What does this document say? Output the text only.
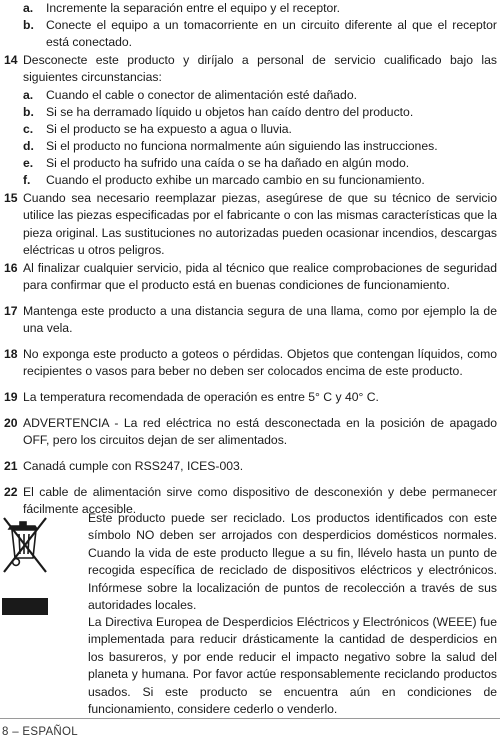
a. Incremente la separación entre el equipo y el receptor.
b. Conecte el equipo a un tomacorriente en un circuito diferente al que el receptor está conectado.
14 Desconecte este producto y diríjalo a personal de servicio cualificado bajo las siguientes circunstancias:
a. Cuando el cable o conector de alimentación esté dañado.
b. Si se ha derramado líquido u objetos han caído dentro del producto.
c. Si el producto se ha expuesto a agua o lluvia.
d. Si el producto no funciona normalmente aún siguiendo las instrucciones.
e. Si el producto ha sufrido una caída o se ha dañado en algún modo.
f. Cuando el producto exhibe un marcado cambio en su funcionamiento.
15 Cuando sea necesario reemplazar piezas, asegúrese de que su técnico de servicio utilice las piezas especificadas por el fabricante o con las mismas características que la pieza original. Las sustituciones no autorizadas pueden ocasionar incendios, descargas eléctricas u otros peligros.
16 Al finalizar cualquier servicio, pida al técnico que realice comprobaciones de seguridad para confirmar que el producto está en buenas condiciones de funcionamiento.
17 Mantenga este producto a una distancia segura de una llama, como por ejemplo la de una vela.
18 No exponga este producto a goteos o pérdidas. Objetos que contengan líquidos, como recipientes o vasos para beber no deben ser colocados encima de este producto.
19 La temperatura recomendada de operación es entre 5° C y 40° C.
20 ADVERTENCIA - La red eléctrica no está desconectada en la posición de apagado OFF, pero los circuitos dejan de ser alimentados.
21 Canadá cumple con RSS247, ICES-003.
22 El cable de alimentación sirve como dispositivo de desconexión y debe permanecer fácilmente accesible.
Este producto puede ser reciclado. Los productos identificados con este símbolo NO deben ser arrojados con desperdicios domésticos normales. Cuando la vida de este producto llegue a su fin, llévelo hasta un punto de recogida específica de reciclado de dispositivos eléctricos y electrónicos. Infórmese sobre la localización de puntos de recolección a través de sus autoridades locales.
La Directiva Europea de Desperdicios Eléctricos y Electrónicos (WEEE) fue implementada para reducir drásticamente la cantidad de desperdicios en los basureros, y por ende reducir el impacto negativo sobre la salud del planeta y humana. Por favor actúe responsablemente reciclando productos usados. Si este producto se encuentra aún en condiciones de funcionamiento, considere cederlo o venderlo.
8 – ESPAÑOL
